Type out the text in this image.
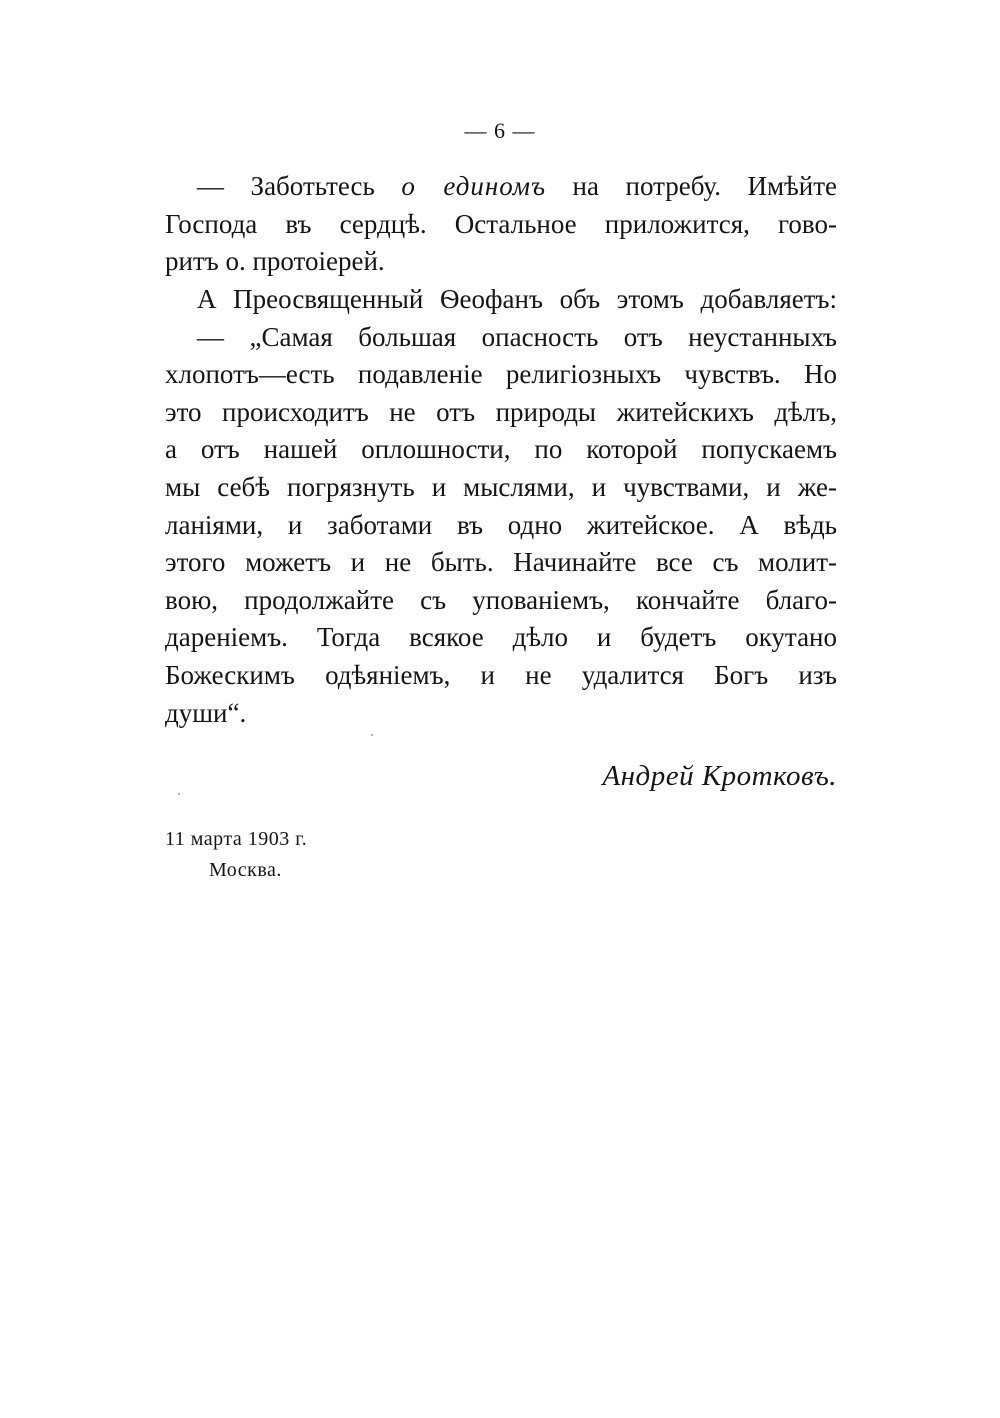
— 6 —
— Заботьтесь о единомъ на потребу. Имѣйте
Господа въ сердцѣ. Остальное приложится, гово-
ритъ о. протоіерей.
А Преосвященный Ѳеофанъ объ этомъ добавляетъ:
— „Самая большая опасность отъ неустанныхъ
хлопотъ—есть подавленіе религіозныхъ чувствъ. Но
это происходитъ не отъ природы житейскихъ дѣлъ,
а отъ нашей оплошности, по которой попускаемъ
мы себѣ погрязнуть и мыслями, и чувствами, и же-
ланіями, и заботами въ одно житейское. А вѣдь
этого можетъ и не быть. Начинайте все съ молит-
вою, продолжайте съ упованіемъ, кончайте благо-
дареніемъ. Тогда всякое дѣло и будетъ окутано
Божескимъ одѣяніемъ, и не удалится Богъ изъ
души“.
Андрей Кротковъ.
11 марта 1903 г.
Москва.
